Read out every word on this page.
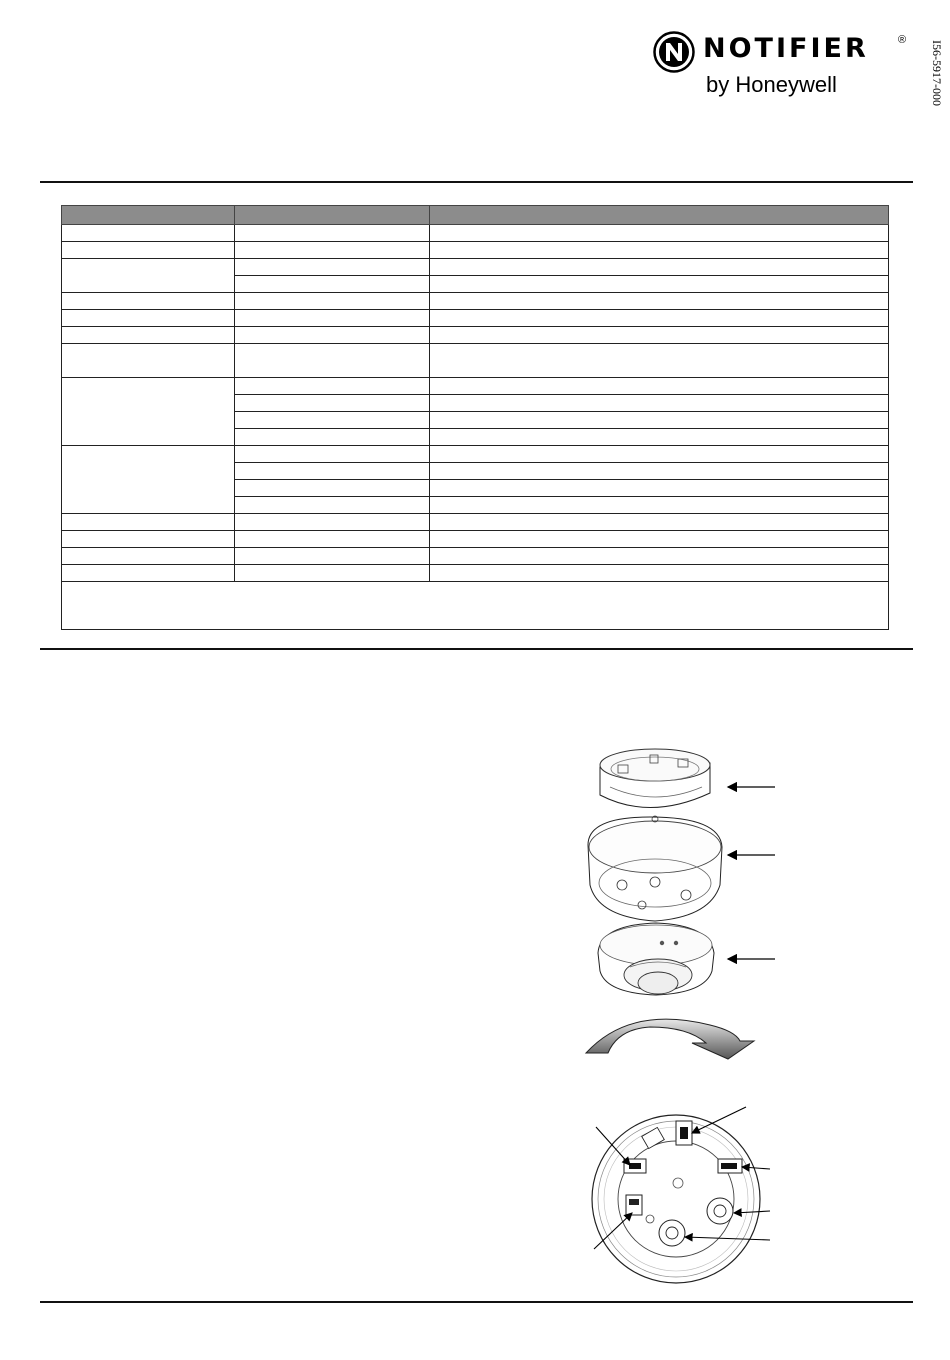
NOTIFIER	®
by Honeywell	I56-5917-000
